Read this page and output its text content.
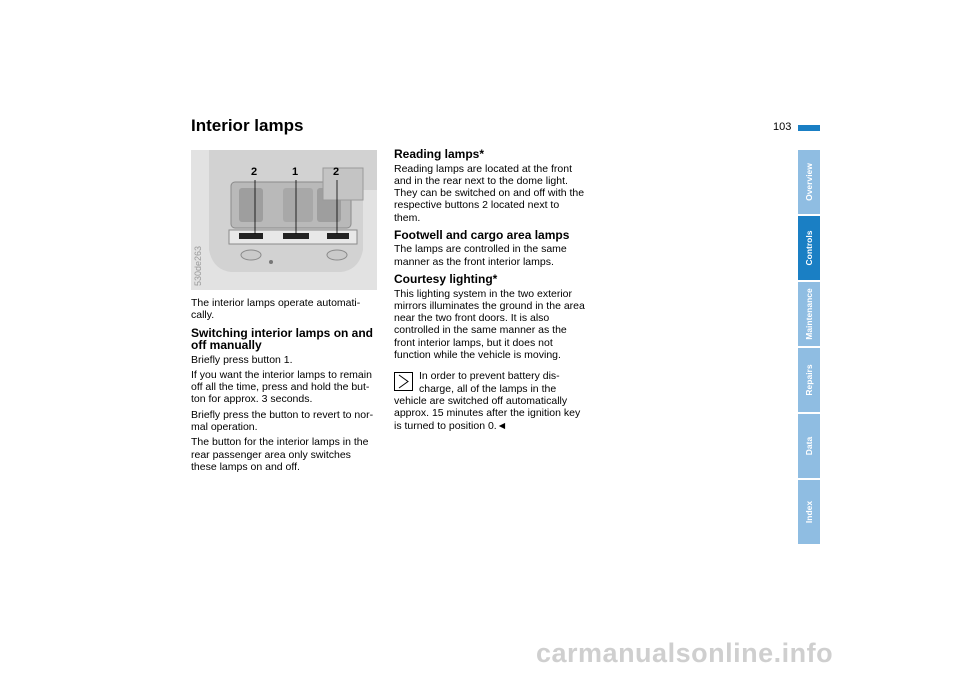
Interior lamps	103
2	1	2
530de263

The interior lamps operate automati-cally.

Switching interior lamps on and off manually

Briefly press button 1.

If you want the interior lamps to remain off all the time, press and hold the but-ton for approx. 3 seconds.

Briefly press the button to revert to nor-mal operation.

The button for the interior lamps in the rear passenger area only switches these lamps on and off.

Reading lamps*

Reading lamps are located at the front and in the rear next to the dome light. They can be switched on and off with the respective buttons 2 located next to them.

Footwell and cargo area lamps

The lamps are controlled in the same manner as the front interior lamps.

Courtesy lighting*

This lighting system in the two exterior mirrors illuminates the ground in the area near the two front doors. It is also controlled in the same manner as the front interior lamps, but it does not function while the vehicle is moving.

In order to prevent battery dis-

charge, all of the lamps in the

vehicle are switched off automatically approx. 15 minutes after the ignition key is turned to position 0.◄

Overview
Controls
Maintenance
Repairs
Data
Index
carmanualsonline.info
